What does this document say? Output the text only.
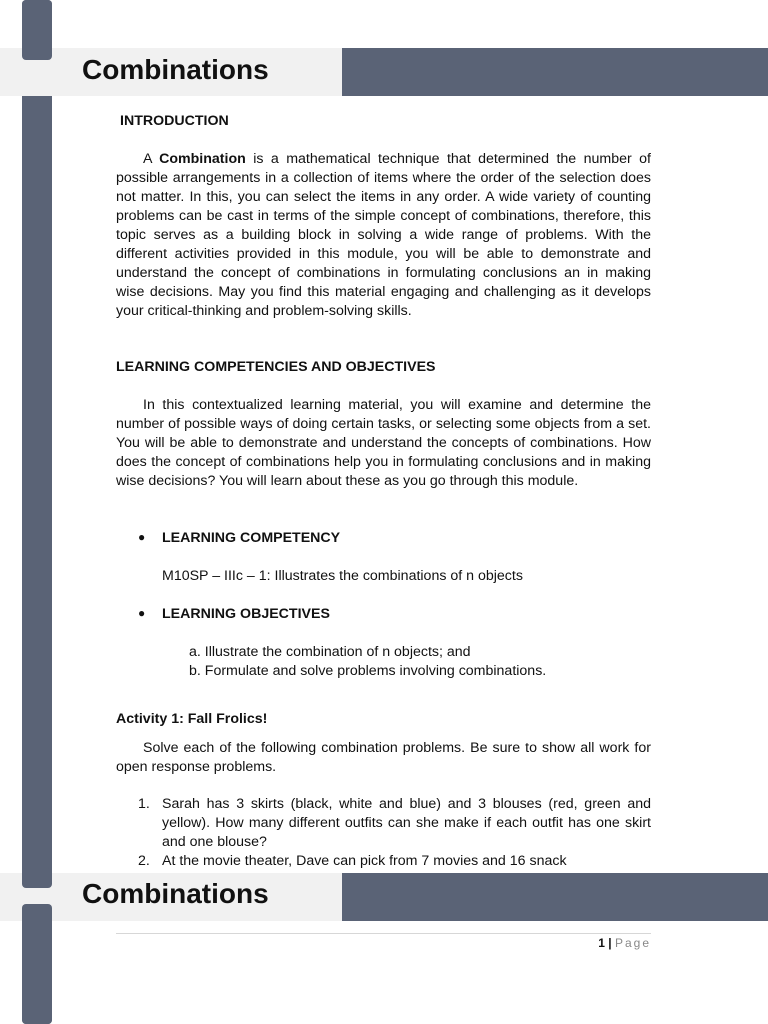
Combinations
INTRODUCTION

A Combination is a mathematical technique that determined the number of possible arrangements in a collection of items where the order of the selection does not matter. In this, you can select the items in any order. A wide variety of counting problems can be cast in terms of the simple concept of combinations, therefore, this topic serves as a building block in solving a wide range of problems. With the different activities provided in this module, you will be able to demonstrate and understand the concept of combinations in formulating conclusions an in making wise decisions. May you find this material engaging and challenging as it develops your critical-thinking and problem-solving skills.

LEARNING COMPETENCIES AND OBJECTIVES

In this contextualized learning material, you will examine and determine the number of possible ways of doing certain tasks, or selecting some objects from a set. You will be able to demonstrate and understand the concepts of combinations. How does the concept of combinations help you in formulating conclusions and in making wise decisions? You will learn about these as you go through this module.

● LEARNING COMPETENCY
M10SP – IIIc – 1: Illustrates the combinations of n objects
● LEARNING OBJECTIVES
a. Illustrate the combination of n objects; and
b. Formulate and solve problems involving combinations.
Activity 1: Fall Frolics!

Solve each of the following combination problems. Be sure to show all work for open response problems.

1. Sarah has 3 skirts (black, white and blue) and 3 blouses (red, green and yellow). How many different outfits can she make if each outfit has one skirt and one blouse?
2. At the movie theater, Dave can pick from 7 movies and 16 snack
Combinations
1 | Page
